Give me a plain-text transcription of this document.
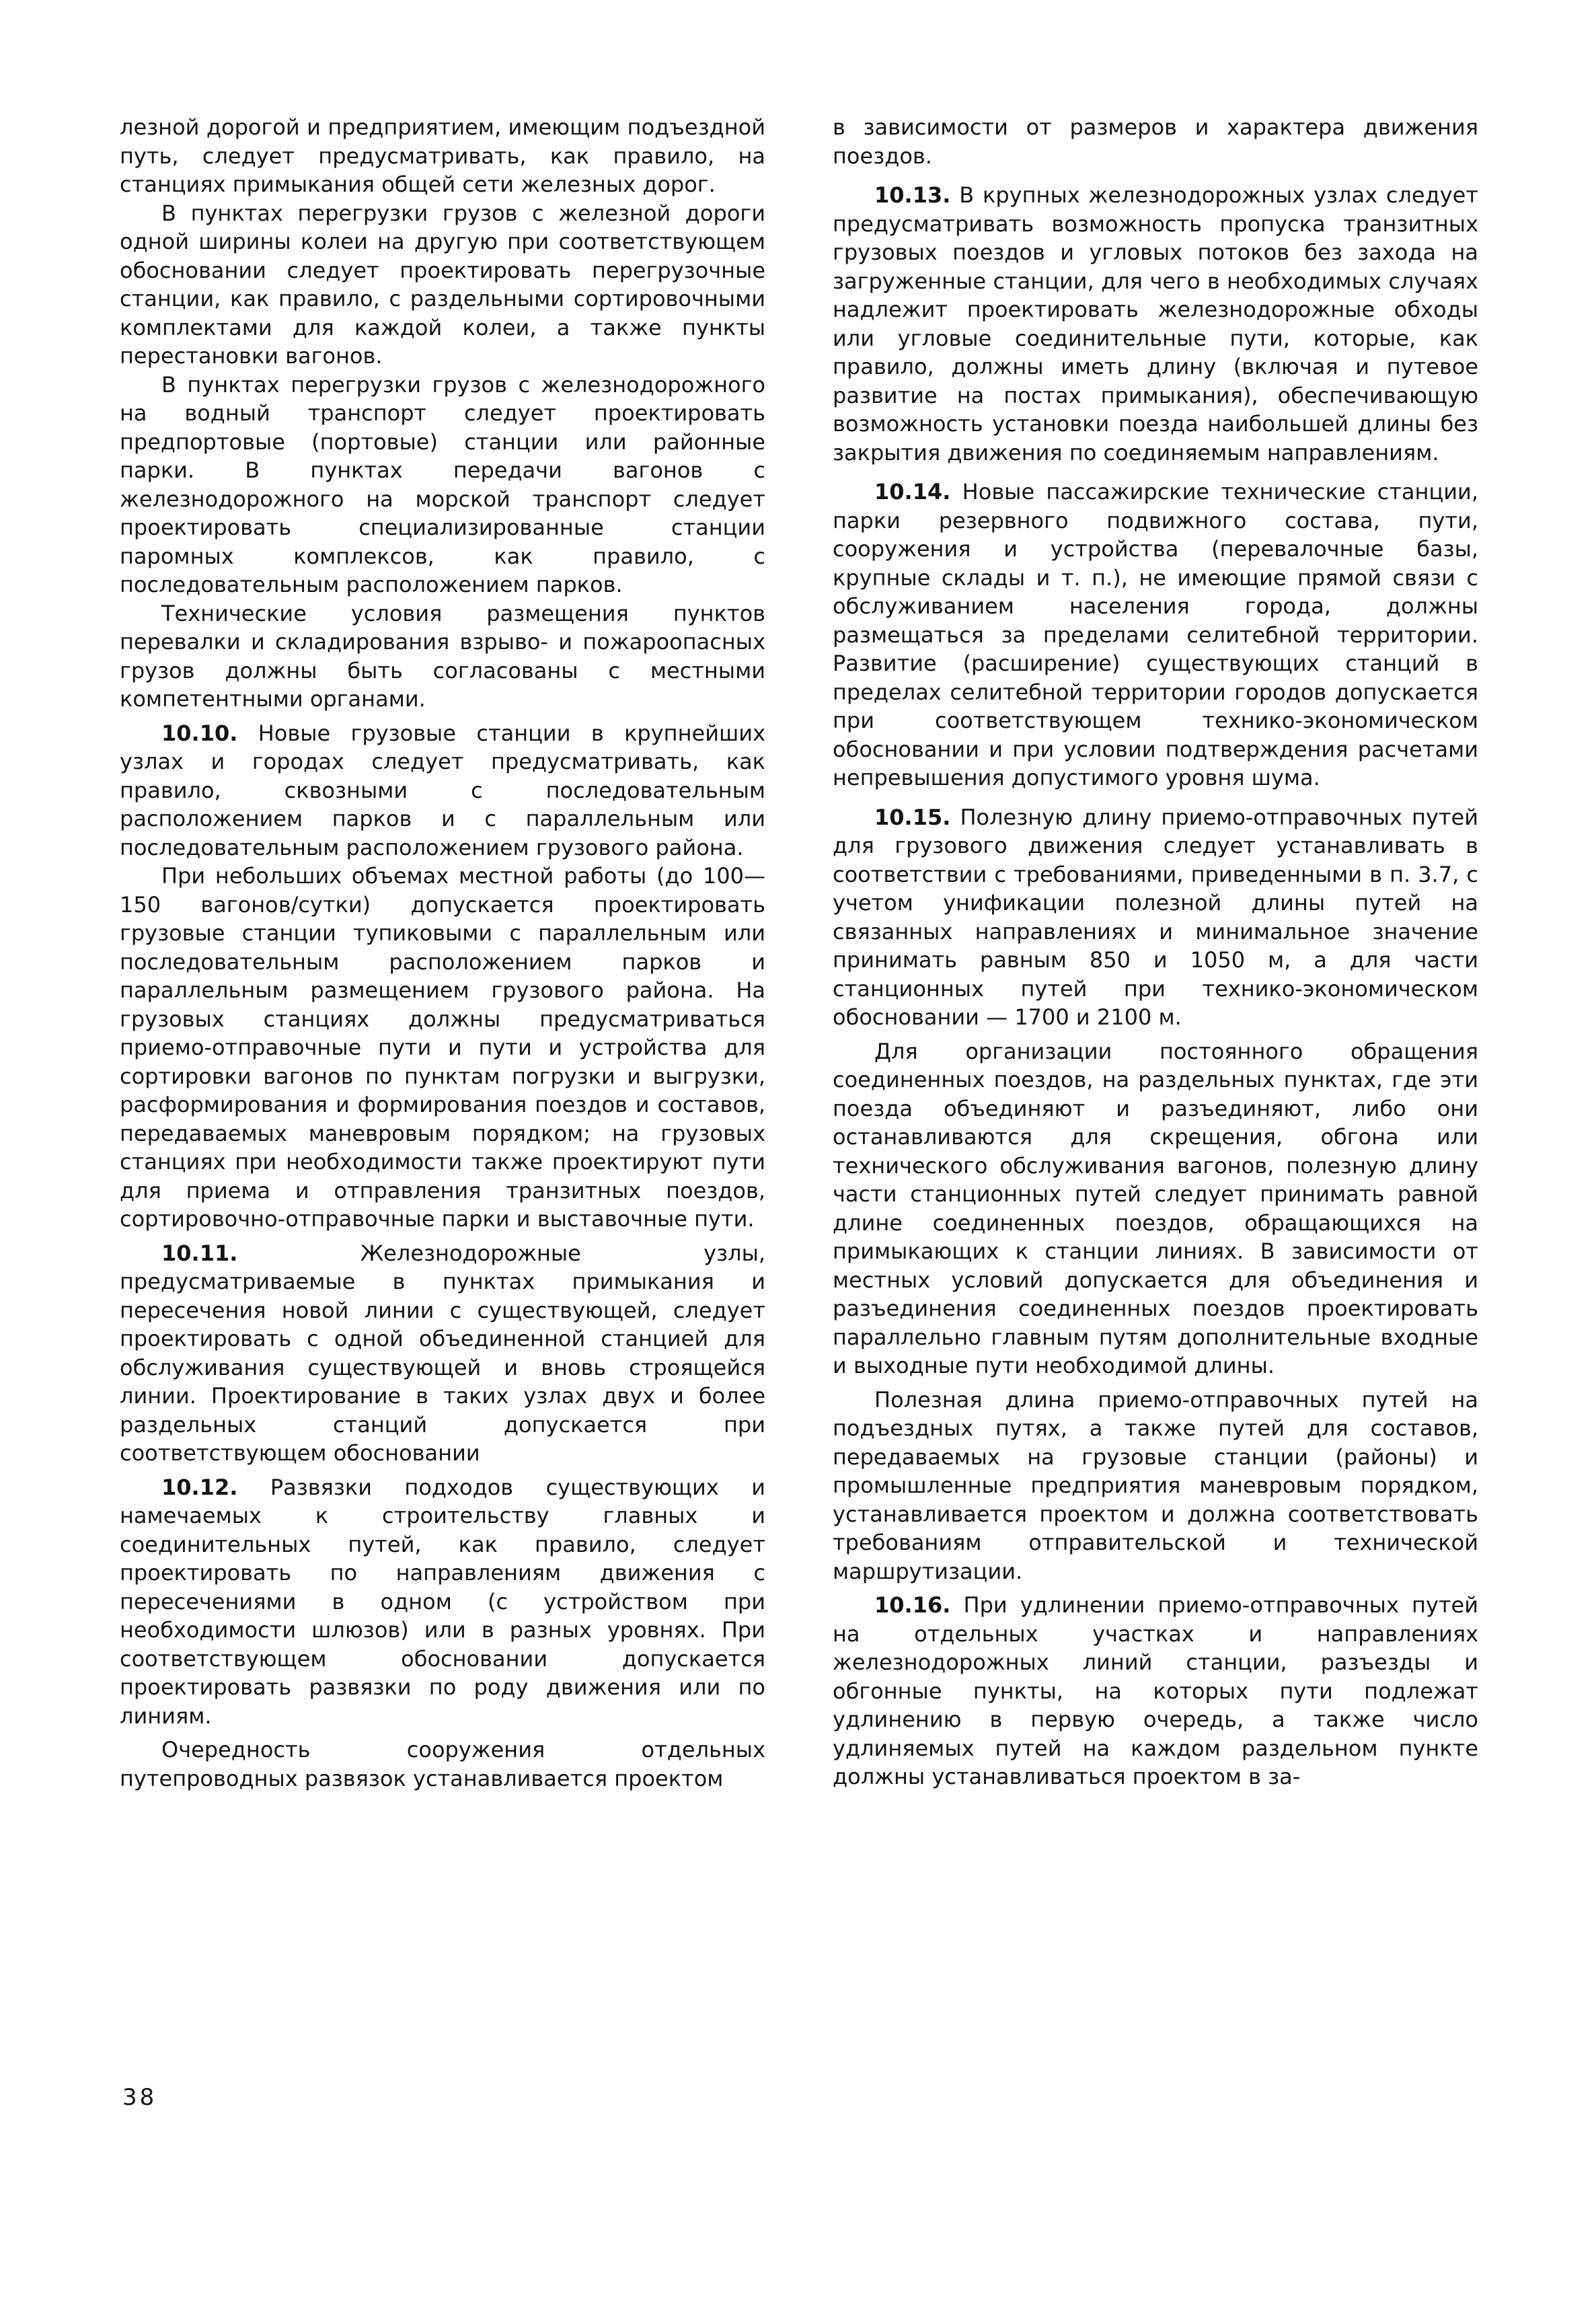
лезной дорогой и предприятием, имеющим подъездной путь, следует предусматривать, как правило, на станциях примыкания общей сети железных дорог.

В пунктах перегрузки грузов с железной дороги одной ширины колеи на другую при соответствующем обосновании следует проектировать перегрузочные станции, как правило, с раздельными сортировочными комплектами для каждой колеи, а также пункты перестановки вагонов.

В пунктах перегрузки грузов с железнодорожного на водный транспорт следует проектировать предпортовые (портовые) станции или районные парки. В пунктах передачи вагонов с железнодорожного на морской транспорт следует проектировать специализированные станции паромных комплексов, как правило, с последовательным расположением парков.

Технические условия размещения пунктов перевалки и складирования взрыво- и пожароопасных грузов должны быть согласованы с местными компетентными органами.

10.10. Новые грузовые станции в крупнейших узлах и городах следует предусматривать, как правило, сквозными с последовательным расположением парков и с параллельным или последовательным расположением грузового района.

При небольших объемах местной работы (до 100—150 вагонов/сутки) допускается проектировать грузовые станции тупиковыми с параллельным или последовательным расположением парков и параллельным размещением грузового района. На грузовых станциях должны предусматриваться приемо-отправочные пути и пути и устройства для сортировки вагонов по пунктам погрузки и выгрузки, расформирования и формирования поездов и составов, передаваемых маневровым порядком; на грузовых станциях при необходимости также проектируют пути для приема и отправления транзитных поездов, сортировочно-отправочные парки и выставочные пути.

10.11. Железнодорожные узлы, предусматриваемые в пунктах примыкания и пересечения новой линии с существующей, следует проектировать с одной объединенной станцией для обслуживания существующей и вновь строящейся линии. Проектирование в таких узлах двух и более раздельных станций допускается при соответствующем обосновании

10.12. Развязки подходов существующих и намечаемых к строительству главных и соединительных путей, как правило, следует проектировать по направлениям движения с пересечениями в одном (с устройством при необходимости шлюзов) или в разных уровнях. При соответствующем обосновании допускается проектировать развязки по роду движения или по линиям.

Очередность сооружения отдельных путепроводных развязок устанавливается проектом

в зависимости от размеров и характера движения поездов.

10.13. В крупных железнодорожных узлах следует предусматривать возможность пропуска транзитных грузовых поездов и угловых потоков без захода на загруженные станции, для чего в необходимых случаях надлежит проектировать железнодорожные обходы или угловые соединительные пути, которые, как правило, должны иметь длину (включая и путевое развитие на постах примыкания), обеспечивающую возможность установки поезда наибольшей длины без закрытия движения по соединяемым направлениям.

10.14. Новые пассажирские технические станции, парки резервного подвижного состава, пути, сооружения и устройства (перевалочные базы, крупные склады и т. п.), не имеющие прямой связи с обслуживанием населения города, должны размещаться за пределами селитебной территории. Развитие (расширение) существующих станций в пределах селитебной территории городов допускается при соответствующем технико-экономическом обосновании и при условии подтверждения расчетами непревышения допустимого уровня шума.

10.15. Полезную длину приемо-отправочных путей для грузового движения следует устанавливать в соответствии с требованиями, приведенными в п. 3.7, с учетом унификации полезной длины путей на связанных направлениях и минимальное значение принимать равным 850 и 1050 м, а для части станционных путей при технико-экономическом обосновании — 1700 и 2100 м.

Для организации постоянного обращения соединенных поездов, на раздельных пунктах, где эти поезда объединяют и разъединяют, либо они останавливаются для скрещения, обгона или технического обслуживания вагонов, полезную длину части станционных путей следует принимать равной длине соединенных поездов, обращающихся на примыкающих к станции линиях. В зависимости от местных условий допускается для объединения и разъединения соединенных поездов проектировать параллельно главным путям дополнительные входные и выходные пути необходимой длины.

Полезная длина приемо-отправочных путей на подъездных путях, а также путей для составов, передаваемых на грузовые станции (районы) и промышленные предприятия маневровым порядком, устанавливается проектом и должна соответствовать требованиям отправительской и технической маршрутизации.

10.16. При удлинении приемо-отправочных путей на отдельных участках и направлениях железнодорожных линий станции, разъезды и обгонные пункты, на которых пути подлежат удлинению в первую очередь, а также число удлиняемых путей на каждом раздельном пункте должны устанавливаться проектом в за-

38
